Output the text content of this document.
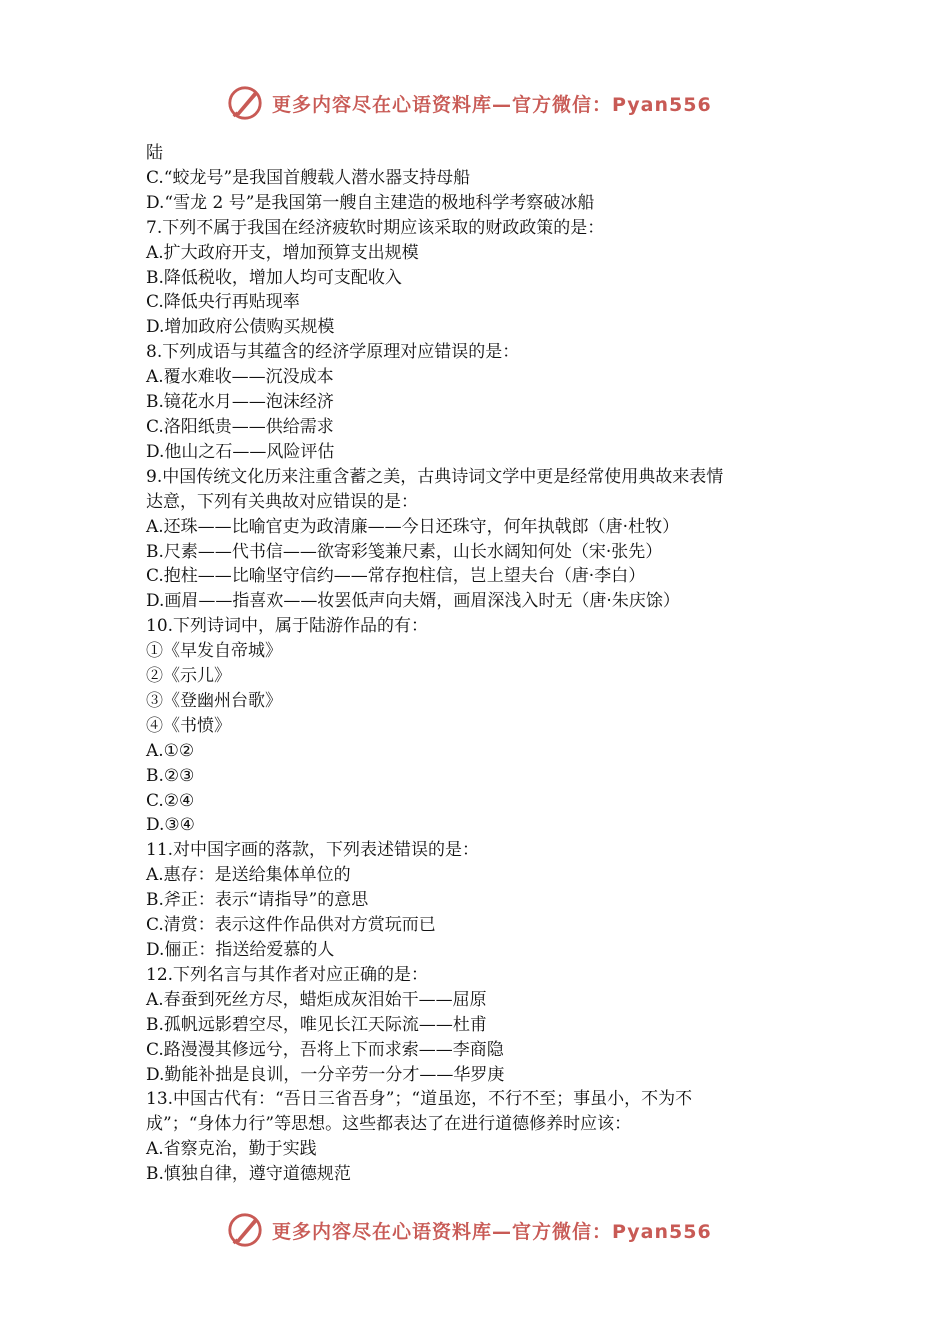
更多内容尽在心语资料库—官方微信：Pyan556
陆
C.“蛟龙号”是我国首艘载人潜水器支持母船
D.“雪龙 2 号”是我国第一艘自主建造的极地科学考察破冰船
7.下列不属于我国在经济疲软时期应该采取的财政政策的是：
A.扩大政府开支，增加预算支出规模
B.降低税收，增加人均可支配收入
C.降低央行再贴现率
D.增加政府公债购买规模
8.下列成语与其蕴含的经济学原理对应错误的是：
A.覆水难收——沉没成本
B.镜花水月——泡沫经济
C.洛阳纸贵——供给需求
D.他山之石——风险评估
9.中国传统文化历来注重含蓄之美，古典诗词文学中更是经常使用典故来表情
达意，下列有关典故对应错误的是：
A.还珠——比喻官吏为政清廉——今日还珠守，何年执戟郎（唐·杜牧）
B.尺素——代书信——欲寄彩笺兼尺素，山长水阔知何处（宋·张先）
C.抱柱——比喻坚守信约——常存抱柱信，岂上望夫台（唐·李白）
D.画眉——指喜欢——妆罢低声向夫婿，画眉深浅入时无（唐·朱庆馀）
10.下列诗词中，属于陆游作品的有：
①《早发自帝城》
②《示儿》
③《登幽州台歌》
④《书愤》
A.①②
B.②③
C.②④
D.③④
11.对中国字画的落款，下列表述错误的是：
A.惠存：是送给集体单位的
B.斧正：表示“请指导”的意思
C.清赏：表示这件作品供对方赏玩而已
D.俪正：指送给爱慕的人
12.下列名言与其作者对应正确的是：
A.春蚕到死丝方尽，蜡炬成灰泪始干——屈原
B.孤帆远影碧空尽，唯见长江天际流——杜甫
C.路漫漫其修远兮，吾将上下而求索——李商隐
D.勤能补拙是良训，一分辛劳一分才——华罗庚
13.中国古代有：“吾日三省吾身”；“道虽迩，不行不至；事虽小，不为不
成”；“身体力行”等思想。这些都表达了在进行道德修养时应该：
A.省察克治，勤于实践
B.慎独自律，遵守道德规范
更多内容尽在心语资料库—官方微信：Pyan556
